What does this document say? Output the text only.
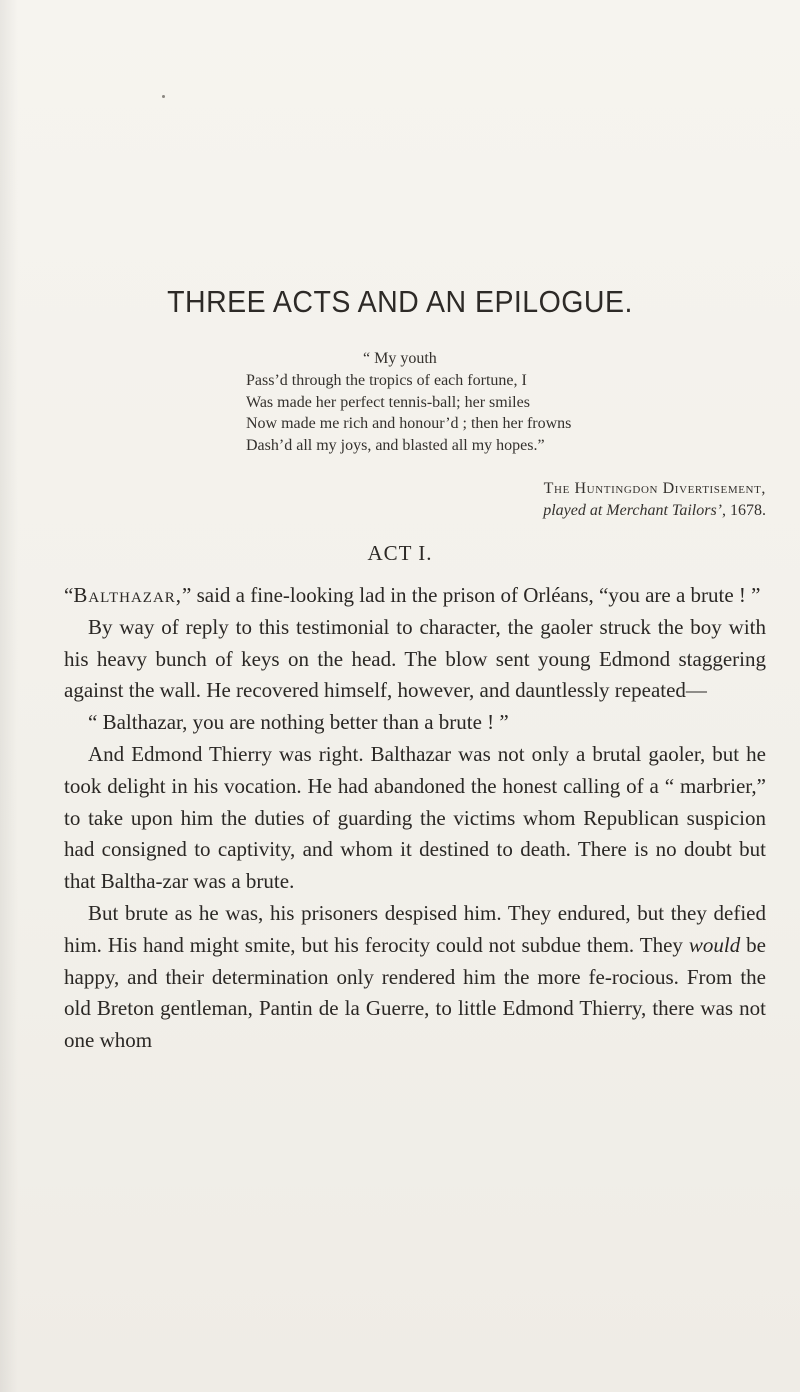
THREE ACTS AND AN EPILOGUE.
“ My youth
Pass’d through the tropics of each fortune, I
Was made her perfect tennis-ball; her smiles
Now made me rich and honour’d ; then her frowns
Dash’d all my joys, and blasted all my hopes.”
The Huntingdon Divertisement,
played at Merchant Tailors’, 1678.
ACT I.

“Balthazar,” said a fine-looking lad in the prison of Orléans, “you are a brute ! ”

By way of reply to this testimonial to character, the gaoler struck the boy with his heavy bunch of keys on the head. The blow sent young Edmond staggering against the wall. He recovered himself, however, and dauntlessly repeated—

“ Balthazar, you are nothing better than a brute ! ”

And Edmond Thierry was right. Balthazar was not only a brutal gaoler, but he took delight in his vocation. He had abandoned the honest calling of a “ marbrier,” to take upon him the duties of guarding the victims whom Republican suspicion had consigned to captivity, and whom it destined to death. There is no doubt but that Baltha-zar was a brute.

But brute as he was, his prisoners despised him. They endured, but they defied him. His hand might smite, but his ferocity could not subdue them. They would be happy, and their determination only rendered him the more fe-rocious. From the old Breton gentleman, Pantin de la Guerre, to little Edmond Thierry, there was not one whom
